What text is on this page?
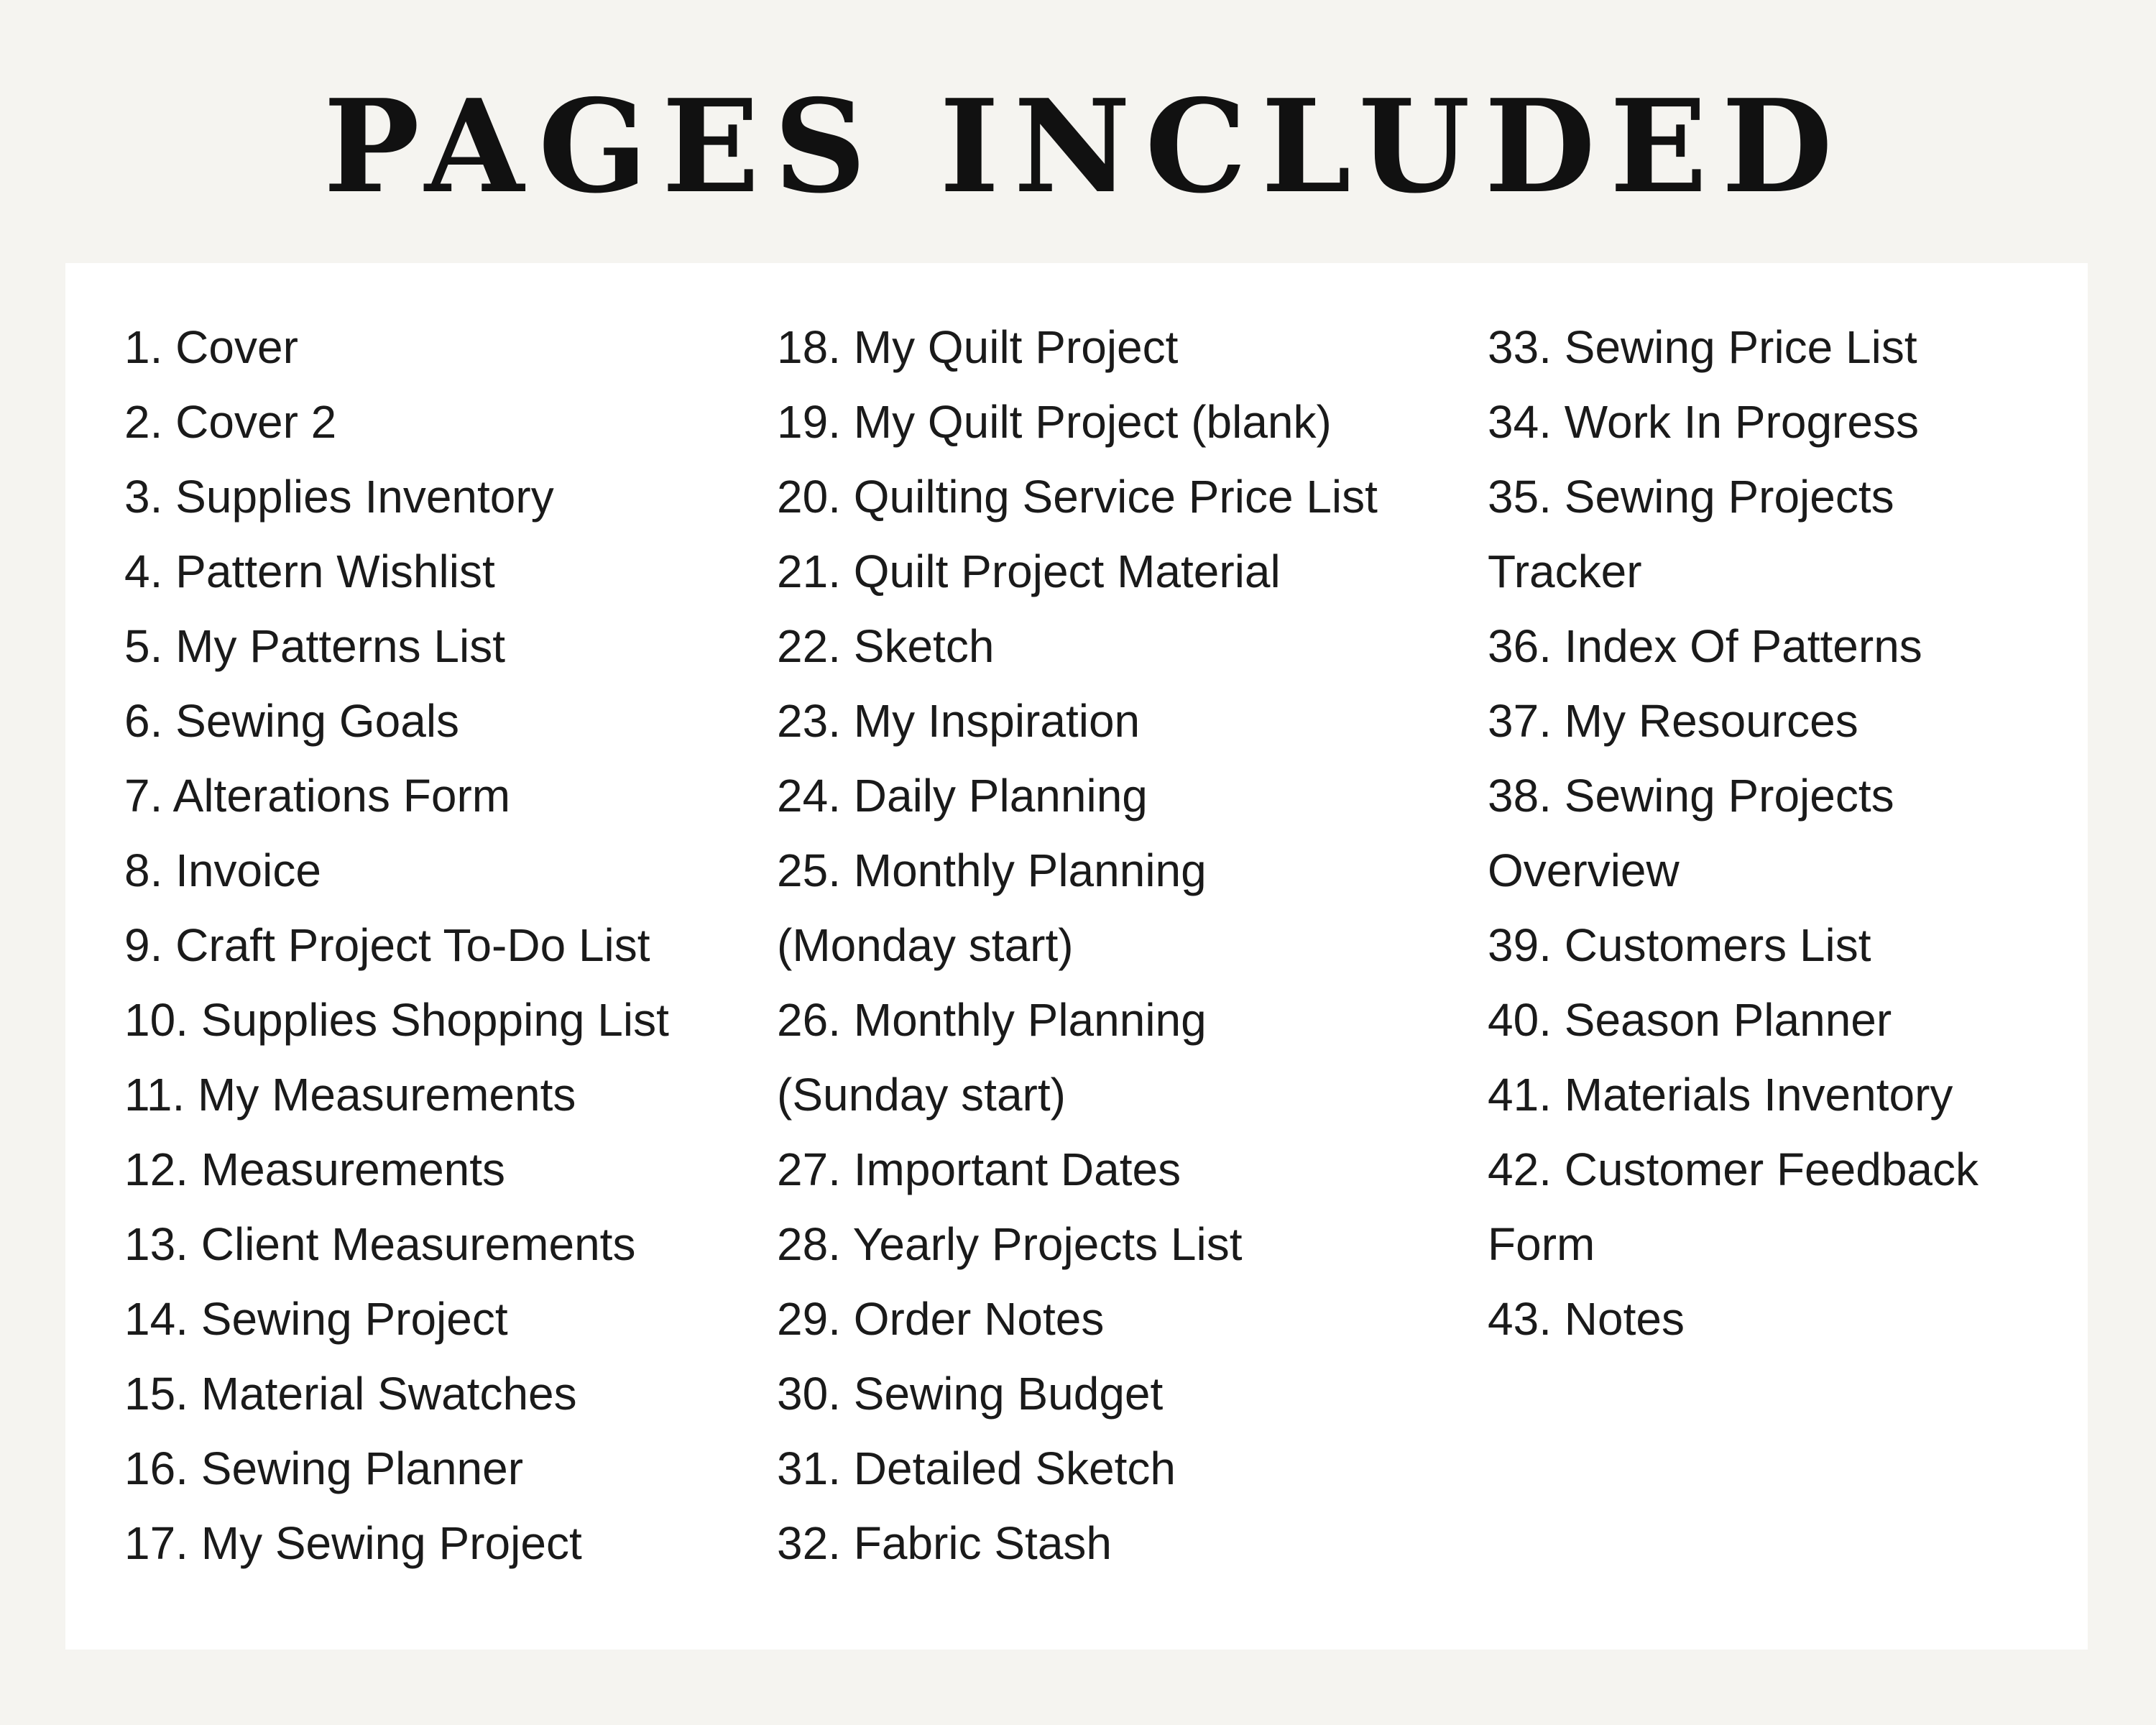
PAGES INCLUDED
1. Cover
2. Cover 2
3. Supplies Inventory
4. Pattern Wishlist
5. My Patterns List
6. Sewing Goals
7. Alterations Form
8. Invoice
9. Craft Project To-Do List
10. Supplies Shopping List
11. My Measurements
12. Measurements
13. Client Measurements
14. Sewing Project
15. Material Swatches
16. Sewing Planner
17. My Sewing Project
18. My Quilt Project
19. My Quilt Project (blank)
20. Quilting Service Price List
21. Quilt Project Material
22. Sketch
23. My Inspiration
24. Daily Planning
25. Monthly Planning
(Monday start)
26. Monthly Planning
(Sunday start)
27. Important Dates
28. Yearly Projects List
29. Order Notes
30. Sewing Budget
31. Detailed Sketch
32. Fabric Stash
33. Sewing Price List
34. Work In Progress
35. Sewing Projects
Tracker
36. Index Of Patterns
37. My Resources
38. Sewing Projects
Overview
39. Customers List
40. Season Planner
41. Materials Inventory
42. Customer Feedback
Form
43. Notes
